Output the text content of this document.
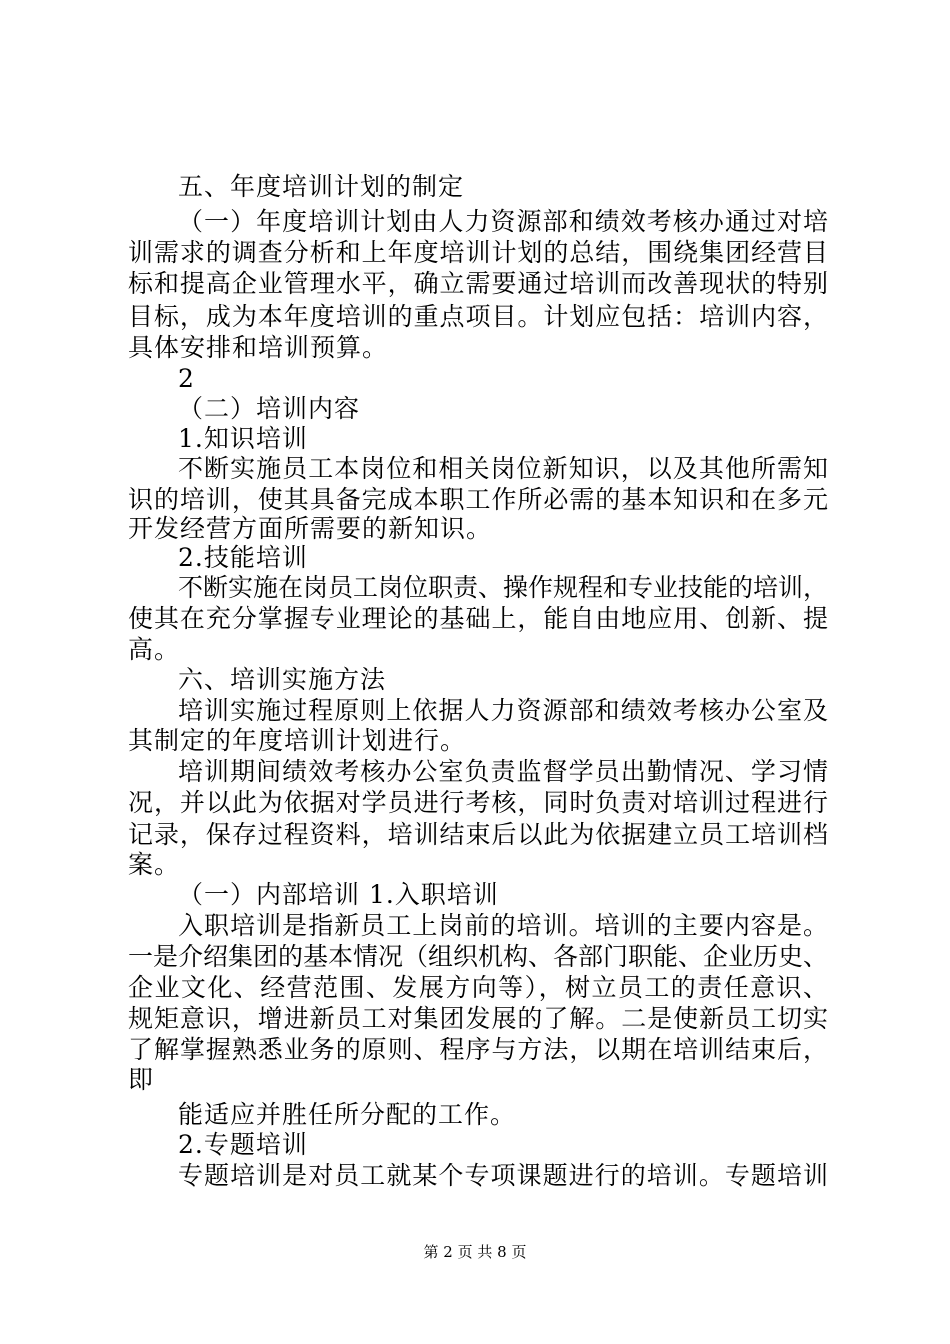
五、年度培训计划的制定
（一）年度培训计划由人力资源部和绩效考核办通过对培
训需求的调查分析和上年度培训计划的总结，围绕集团经营目
标和提高企业管理水平，确立需要通过培训而改善现状的特别
目标，成为本年度培训的重点项目。计划应包括：培训内容，
具体安排和培训预算。
2
（二）培训内容
1.知识培训
不断实施员工本岗位和相关岗位新知识，以及其他所需知
识的培训，使其具备完成本职工作所必需的基本知识和在多元
开发经营方面所需要的新知识。
2.技能培训
不断实施在岗员工岗位职责、操作规程和专业技能的培训，
使其在充分掌握专业理论的基础上，能自由地应用、创新、提
高。
六、培训实施方法
培训实施过程原则上依据人力资源部和绩效考核办公室及
其制定的年度培训计划进行。
培训期间绩效考核办公室负责监督学员出勤情况、学习情
况，并以此为依据对学员进行考核，同时负责对培训过程进行
记录，保存过程资料，培训结束后以此为依据建立员工培训档
案。
（一）内部培训 1.入职培训
入职培训是指新员工上岗前的培训。培训的主要内容是。
一是介绍集团的基本情况（组织机构、各部门职能、企业历史、
企业文化、经营范围、发展方向等），树立员工的责任意识、
规矩意识，增进新员工对集团发展的了解。二是使新员工切实
了解掌握熟悉业务的原则、程序与方法，以期在培训结束后，
即
能适应并胜任所分配的工作。
2.专题培训
专题培训是对员工就某个专项课题进行的培训。专题培训
第 2 页 共 8 页
